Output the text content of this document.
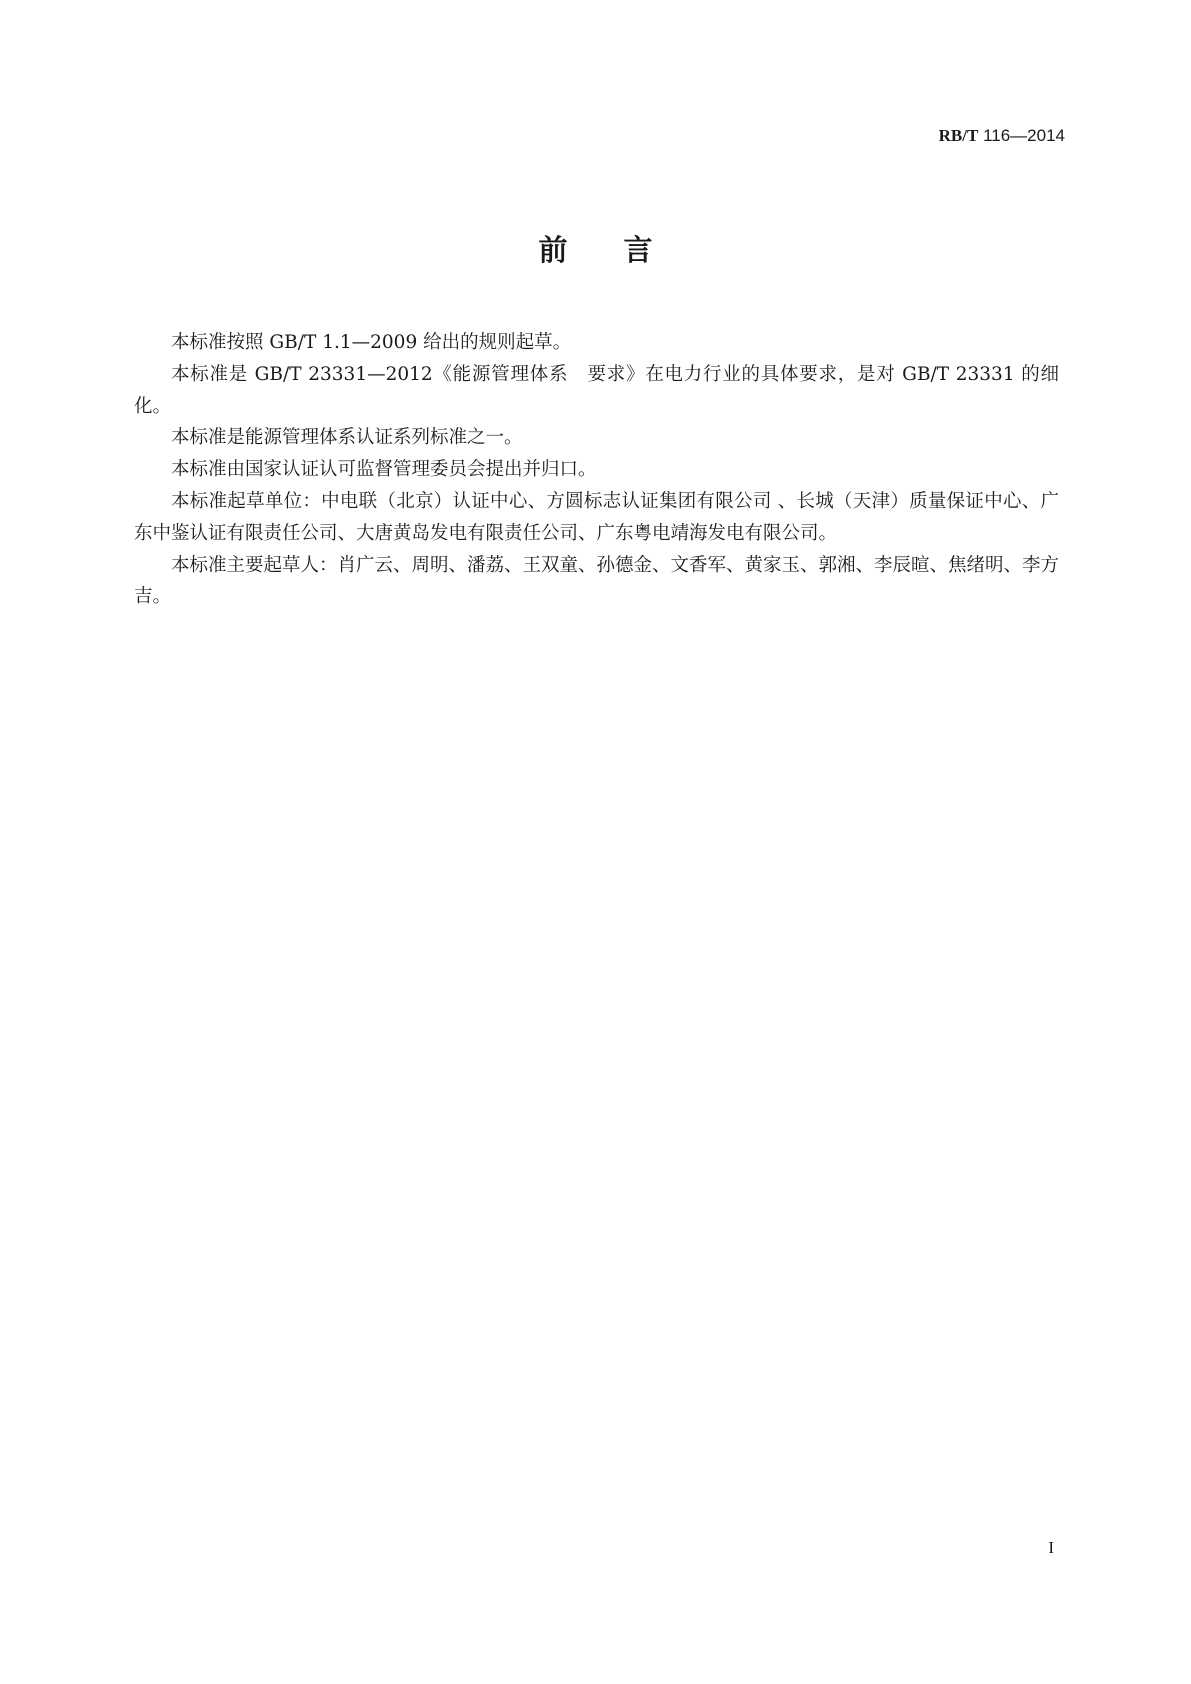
RB/T 116—2014
前言

本标准按照 GB/T 1.1—2009 给出的规则起草。

本标准是 GB/T 23331—2012《能源管理体系　要求》在电力行业的具体要求，是对 GB/T 23331 的细化。

本标准是能源管理体系认证系列标准之一。

本标准由国家认证认可监督管理委员会提出并归口。

本标准起草单位：中电联（北京）认证中心、方圆标志认证集团有限公司 、长城（天津）质量保证中心、广东中鉴认证有限责任公司、大唐黄岛发电有限责任公司、广东粤电靖海发电有限公司。

本标准主要起草人：肖广云、周明、潘荔、王双童、孙德金、文香军、黄家玉、郭湘、李辰暄、焦绪明、李方吉。

I
